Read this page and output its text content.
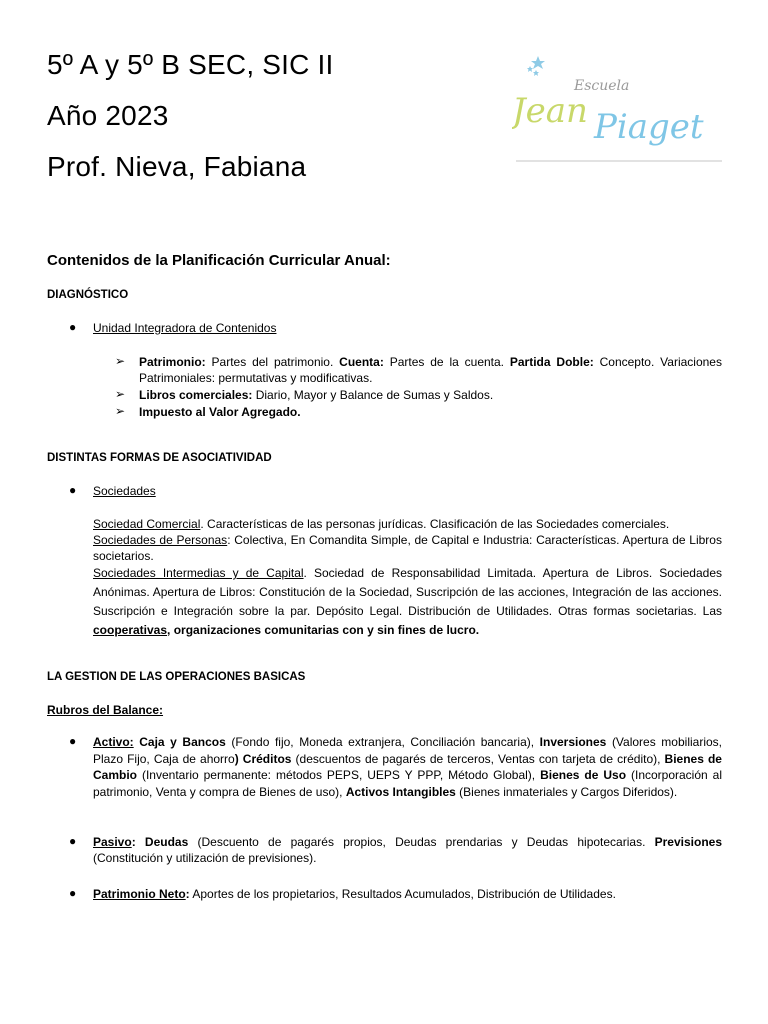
5º A y 5º B SEC, SIC II
Año 2023
Prof. Nieva, Fabiana
Escuela
Jean Piaget
Contenidos de la Planificación Curricular Anual:
DIAGNÓSTICO
● Unidad Integradora de Contenidos
➢ Patrimonio: Partes del patrimonio. Cuenta: Partes de la cuenta. Partida Doble: Concepto. Variaciones Patrimoniales: permutativas y modificativas.
➢ Libros comerciales: Diario, Mayor y Balance de Sumas y Saldos.
➢ Impuesto al Valor Agregado.
DISTINTAS FORMAS DE ASOCIATIVIDAD
● Sociedades
Sociedad Comercial. Características de las personas jurídicas. Clasificación de las Sociedades comerciales.
Sociedades de Personas: Colectiva, En Comandita Simple, de Capital e Industria: Características. Apertura de Libros societarios.
Sociedades Intermedias y de Capital. Sociedad de Responsabilidad Limitada. Apertura de Libros. Sociedades Anónimas. Apertura de Libros: Constitución de la Sociedad, Suscripción de las acciones, Integración de las acciones. Suscripción e Integración sobre la par. Depósito Legal. Distribución de Utilidades. Otras formas societarias. Las cooperativas, organizaciones comunitarias con y sin fines de lucro.
LA GESTION DE LAS OPERACIONES BASICAS
Rubros del Balance:
● Activo: Caja y Bancos (Fondo fijo, Moneda extranjera, Conciliación bancaria), Inversiones (Valores mobiliarios, Plazo Fijo, Caja de ahorro) Créditos (descuentos de pagarés de terceros, Ventas con tarjeta de crédito), Bienes de Cambio (Inventario permanente: métodos PEPS, UEPS Y PPP, Método Global), Bienes de Uso (Incorporación al patrimonio, Venta y compra de Bienes de uso), Activos Intangibles (Bienes inmateriales y Cargos Diferidos).
● Pasivo: Deudas (Descuento de pagarés propios, Deudas prendarias y Deudas hipotecarias. Previsiones (Constitución y utilización de previsiones).
● Patrimonio Neto: Aportes de los propietarios, Resultados Acumulados, Distribución de Utilidades.
